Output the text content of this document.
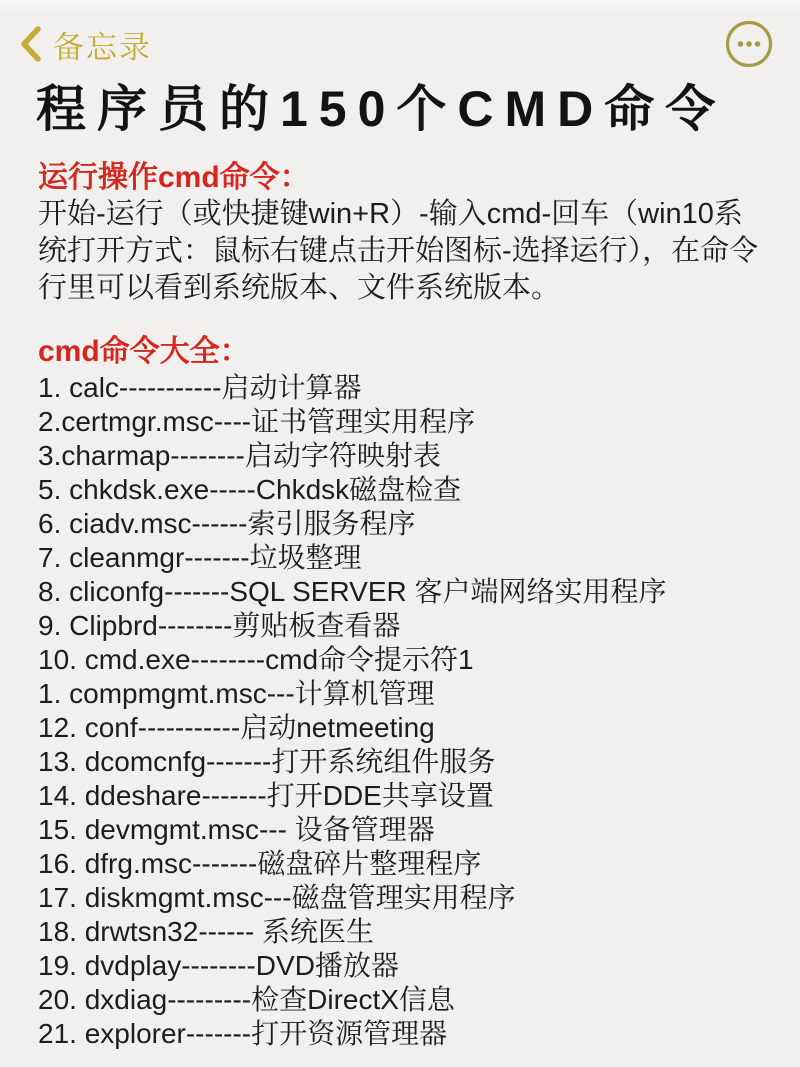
备忘录
程序员的150个CMD命令
运行操作cmd命令：

开始-运行（或快捷键win+R）-输入cmd-回车（win10系统打开方式：鼠标右键点击开始图标-选择运行），在命令行里可以看到系统版本、文件系统版本。

cmd命令大全：
1. calc-----------启动计算器
2.certmgr.msc----证书管理实用程序
3.charmap--------启动字符映射表
5. chkdsk.exe-----Chkdsk磁盘检查
6. ciadv.msc------索引服务程序
7. cleanmgr-------垃圾整理
8. cliconfg-------SQL SERVER 客户端网络实用程序
9. Clipbrd--------剪贴板查看器
10. cmd.exe--------cmd命令提示符1
1. compmgmt.msc---计算机管理
12. conf-----------启动netmeeting
13. dcomcnfg-------打开系统组件服务
14. ddeshare-------打开DDE共享设置
15. devmgmt.msc--- 设备管理器
16. dfrg.msc-------磁盘碎片整理程序
17. diskmgmt.msc---磁盘管理实用程序
18. drwtsn32------ 系统医生
19. dvdplay--------DVD播放器
20. dxdiag---------检查DirectX信息
21. explorer-------打开资源管理器
